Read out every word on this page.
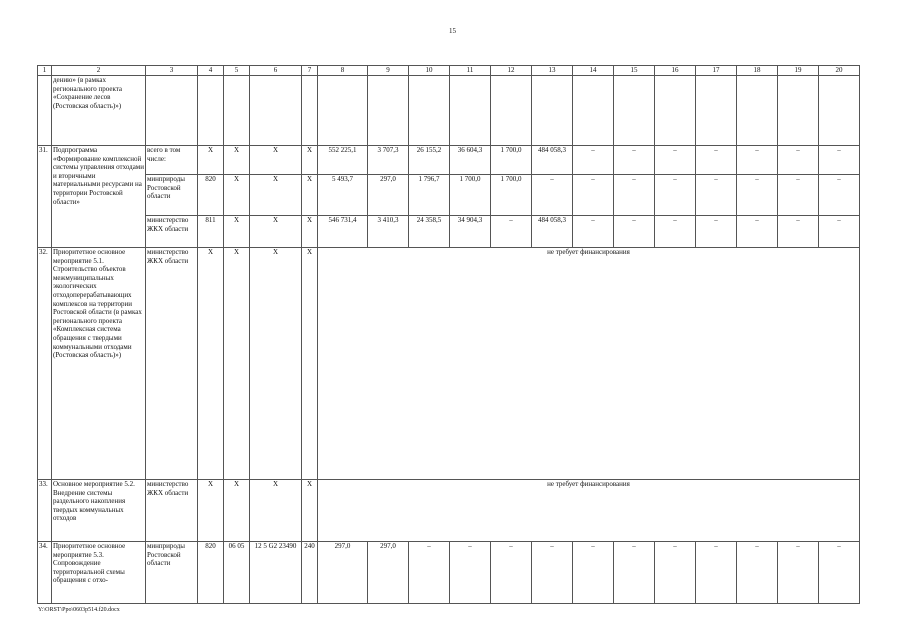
15
1	2	3	4	5	6	7	8	9	10	11	12	13	14	15	16	17	18	19	20
	дению» (в рамках регионального проекта «Сохранение лесов (Ростовская область)»)																		
31.	Подпрограмма «Формирование комплексной системы управления отходами и вторичными материальными ресурсами на территории Ростовской области»	всего в том числе:	X	X	X	X	552 225,1	3 707,3	26 155,2	36 604,3	1 700,0	484 058,3	–	–	–	–	–	–	–
		минприроды Ростовской области	820	X	X	X	5 493,7	297,0	1 796,7	1 700,0	1 700,0	–	–	–	–	–	–	–	–
		министерство ЖКХ области	811	X	X	X	546 731,4	3 410,3	24 358,5	34 904,3	–	484 058,3	–	–	–	–	–	–	–
32.	Приоритетное основное мероприятие 5.1. Строительство объектов межмуниципальных экологических отходоперерабатывающих комплексов на территории Ростовской области (в рамках регионального проекта «Комплексная система обращения с твердыми коммунальными отходами (Ростовская область)»)	министерство ЖКХ области	X	X	X	X	не требует финансирования												
33.	Основное мероприятие 5.2. Внедрение системы раздельного накопления твердых коммунальных отходов	министерство ЖКХ области	X	X	X	X	не требует финансирования												
34.	Приоритетное основное мероприятие 5.3. Сопровождение территориальной схемы обращения с отхо-	минприроды Ростовской области	820	06 05	12 5 G2 23490	240	297,0	297,0	–	–	–	–	–	–	–	–	–	–	–
Y:\ORST\Ppo\0603p514.f20.docx
